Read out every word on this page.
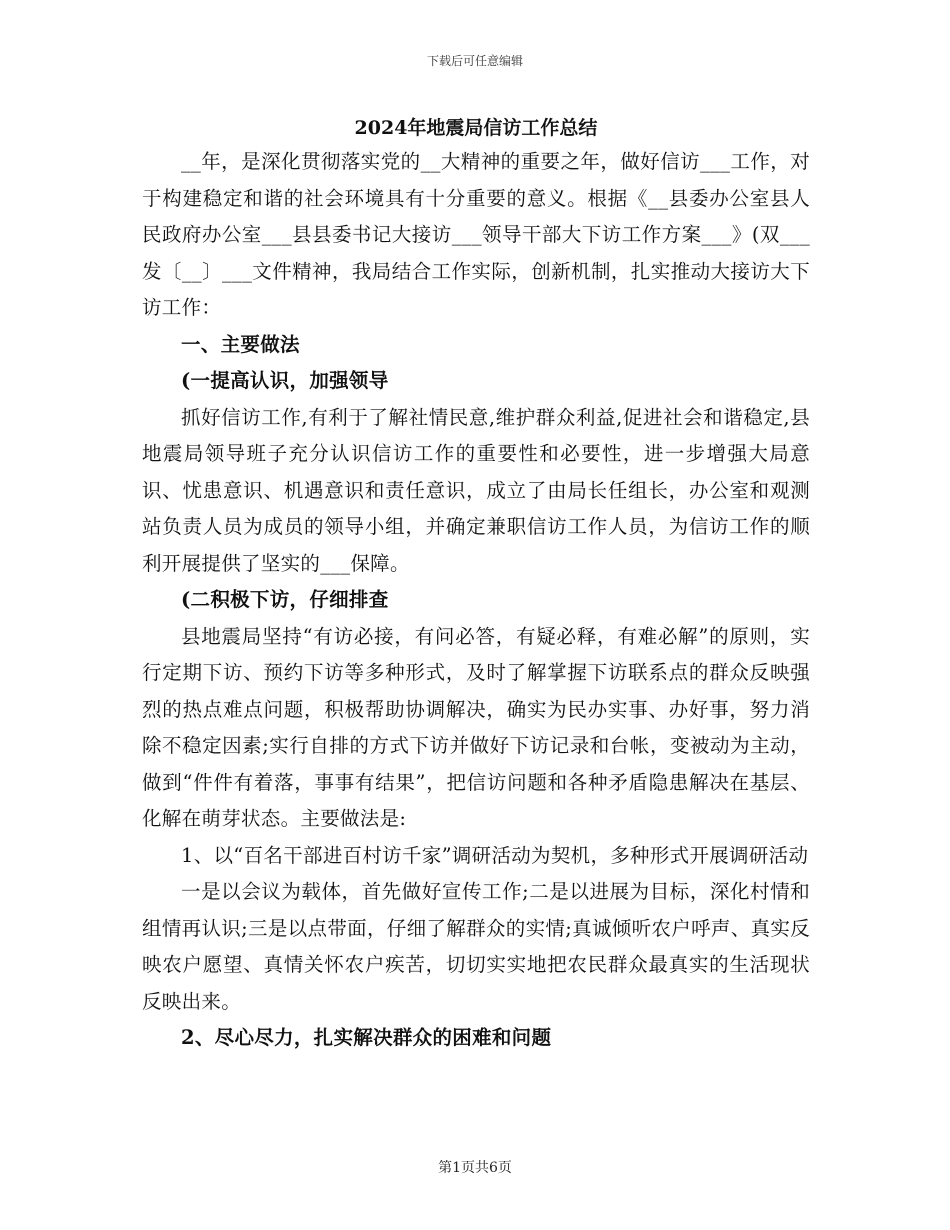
下载后可任意编辑
2024年地震局信访工作总结

__年，是深化贯彻落实党的__大精神的重要之年，做好信访___工作，对于构建稳定和谐的社会环境具有十分重要的意义。根据《__县委办公室县人民政府办公室___县县委书记大接访___领导干部大下访工作方案___》(双___发〔__〕___文件精神，我局结合工作实际，创新机制，扎实推动大接访大下访工作：

一、主要做法

(一提高认识，加强领导

抓好信访工作,有利于了解社情民意,维护群众利益,促进社会和谐稳定,县地震局领导班子充分认识信访工作的重要性和必要性，进一步增强大局意识、忧患意识、机遇意识和责任意识，成立了由局长任组长，办公室和观测站负责人员为成员的领导小组，并确定兼职信访工作人员，为信访工作的顺利开展提供了坚实的___保障。

(二积极下访，仔细排查

县地震局坚持“有访必接，有问必答，有疑必释，有难必解”的原则，实行定期下访、预约下访等多种形式，及时了解掌握下访联系点的群众反映强烈的热点难点问题，积极帮助协调解决，确实为民办实事、办好事，努力消除不稳定因素;实行自排的方式下访并做好下访记录和台帐，变被动为主动，做到“件件有着落，事事有结果”，把信访问题和各种矛盾隐患解决在基层、化解在萌芽状态。主要做法是:

1、以“百名干部进百村访千家”调研活动为契机，多种形式开展调研活动

一是以会议为载体，首先做好宣传工作;二是以进展为目标，深化村情和组情再认识;三是以点带面，仔细了解群众的实情;真诚倾听农户呼声、真实反映农户愿望、真情关怀农户疾苦，切切实实地把农民群众最真实的生活现状反映出来。

2、尽心尽力，扎实解决群众的困难和问题

第1页共6页
